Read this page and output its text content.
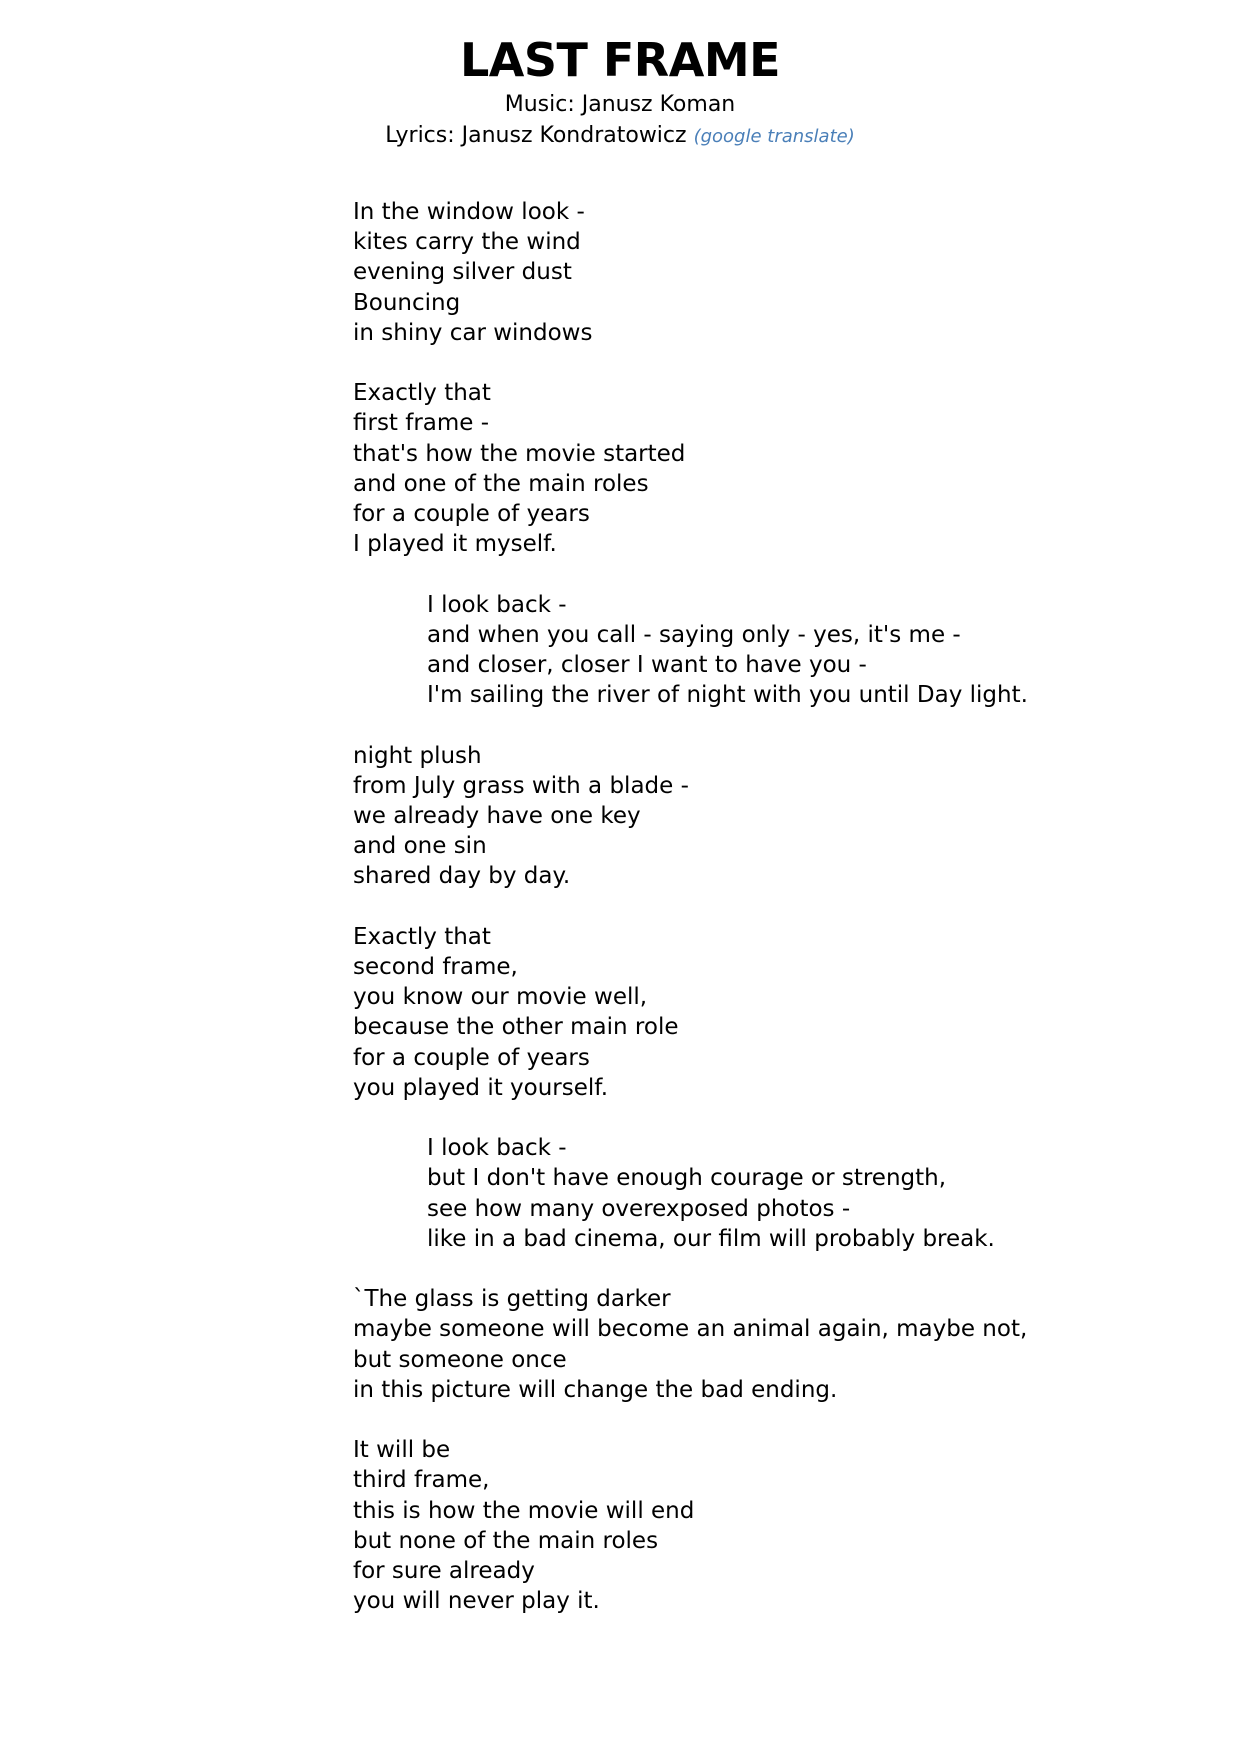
LAST FRAME

Music: Janusz Koman

Lyrics: Janusz Kondratowicz (google translate)

In the window look -
kites carry the wind
evening silver dust
Bouncing
in shiny car windows
Exactly that
first frame -
that's how the movie started
and one of the main roles
for a couple of years
I played it myself.
I look back -
and when you call - saying only - yes, it's me -
and closer, closer I want to have you -
I'm sailing the river of night with you until Day light.
night plush
from July grass with a blade -
we already have one key
and one sin
shared day by day.
Exactly that
second frame,
you know our movie well,
because the other main role
for a couple of years
you played it yourself.
I look back -
but I don't have enough courage or strength,
see how many overexposed photos -
like in a bad cinema, our film will probably break.
`The glass is getting darker
maybe someone will become an animal again, maybe not,
but someone once
in this picture will change the bad ending.
It will be
third frame,
this is how the movie will end
but none of the main roles
for sure already
you will never play it.
